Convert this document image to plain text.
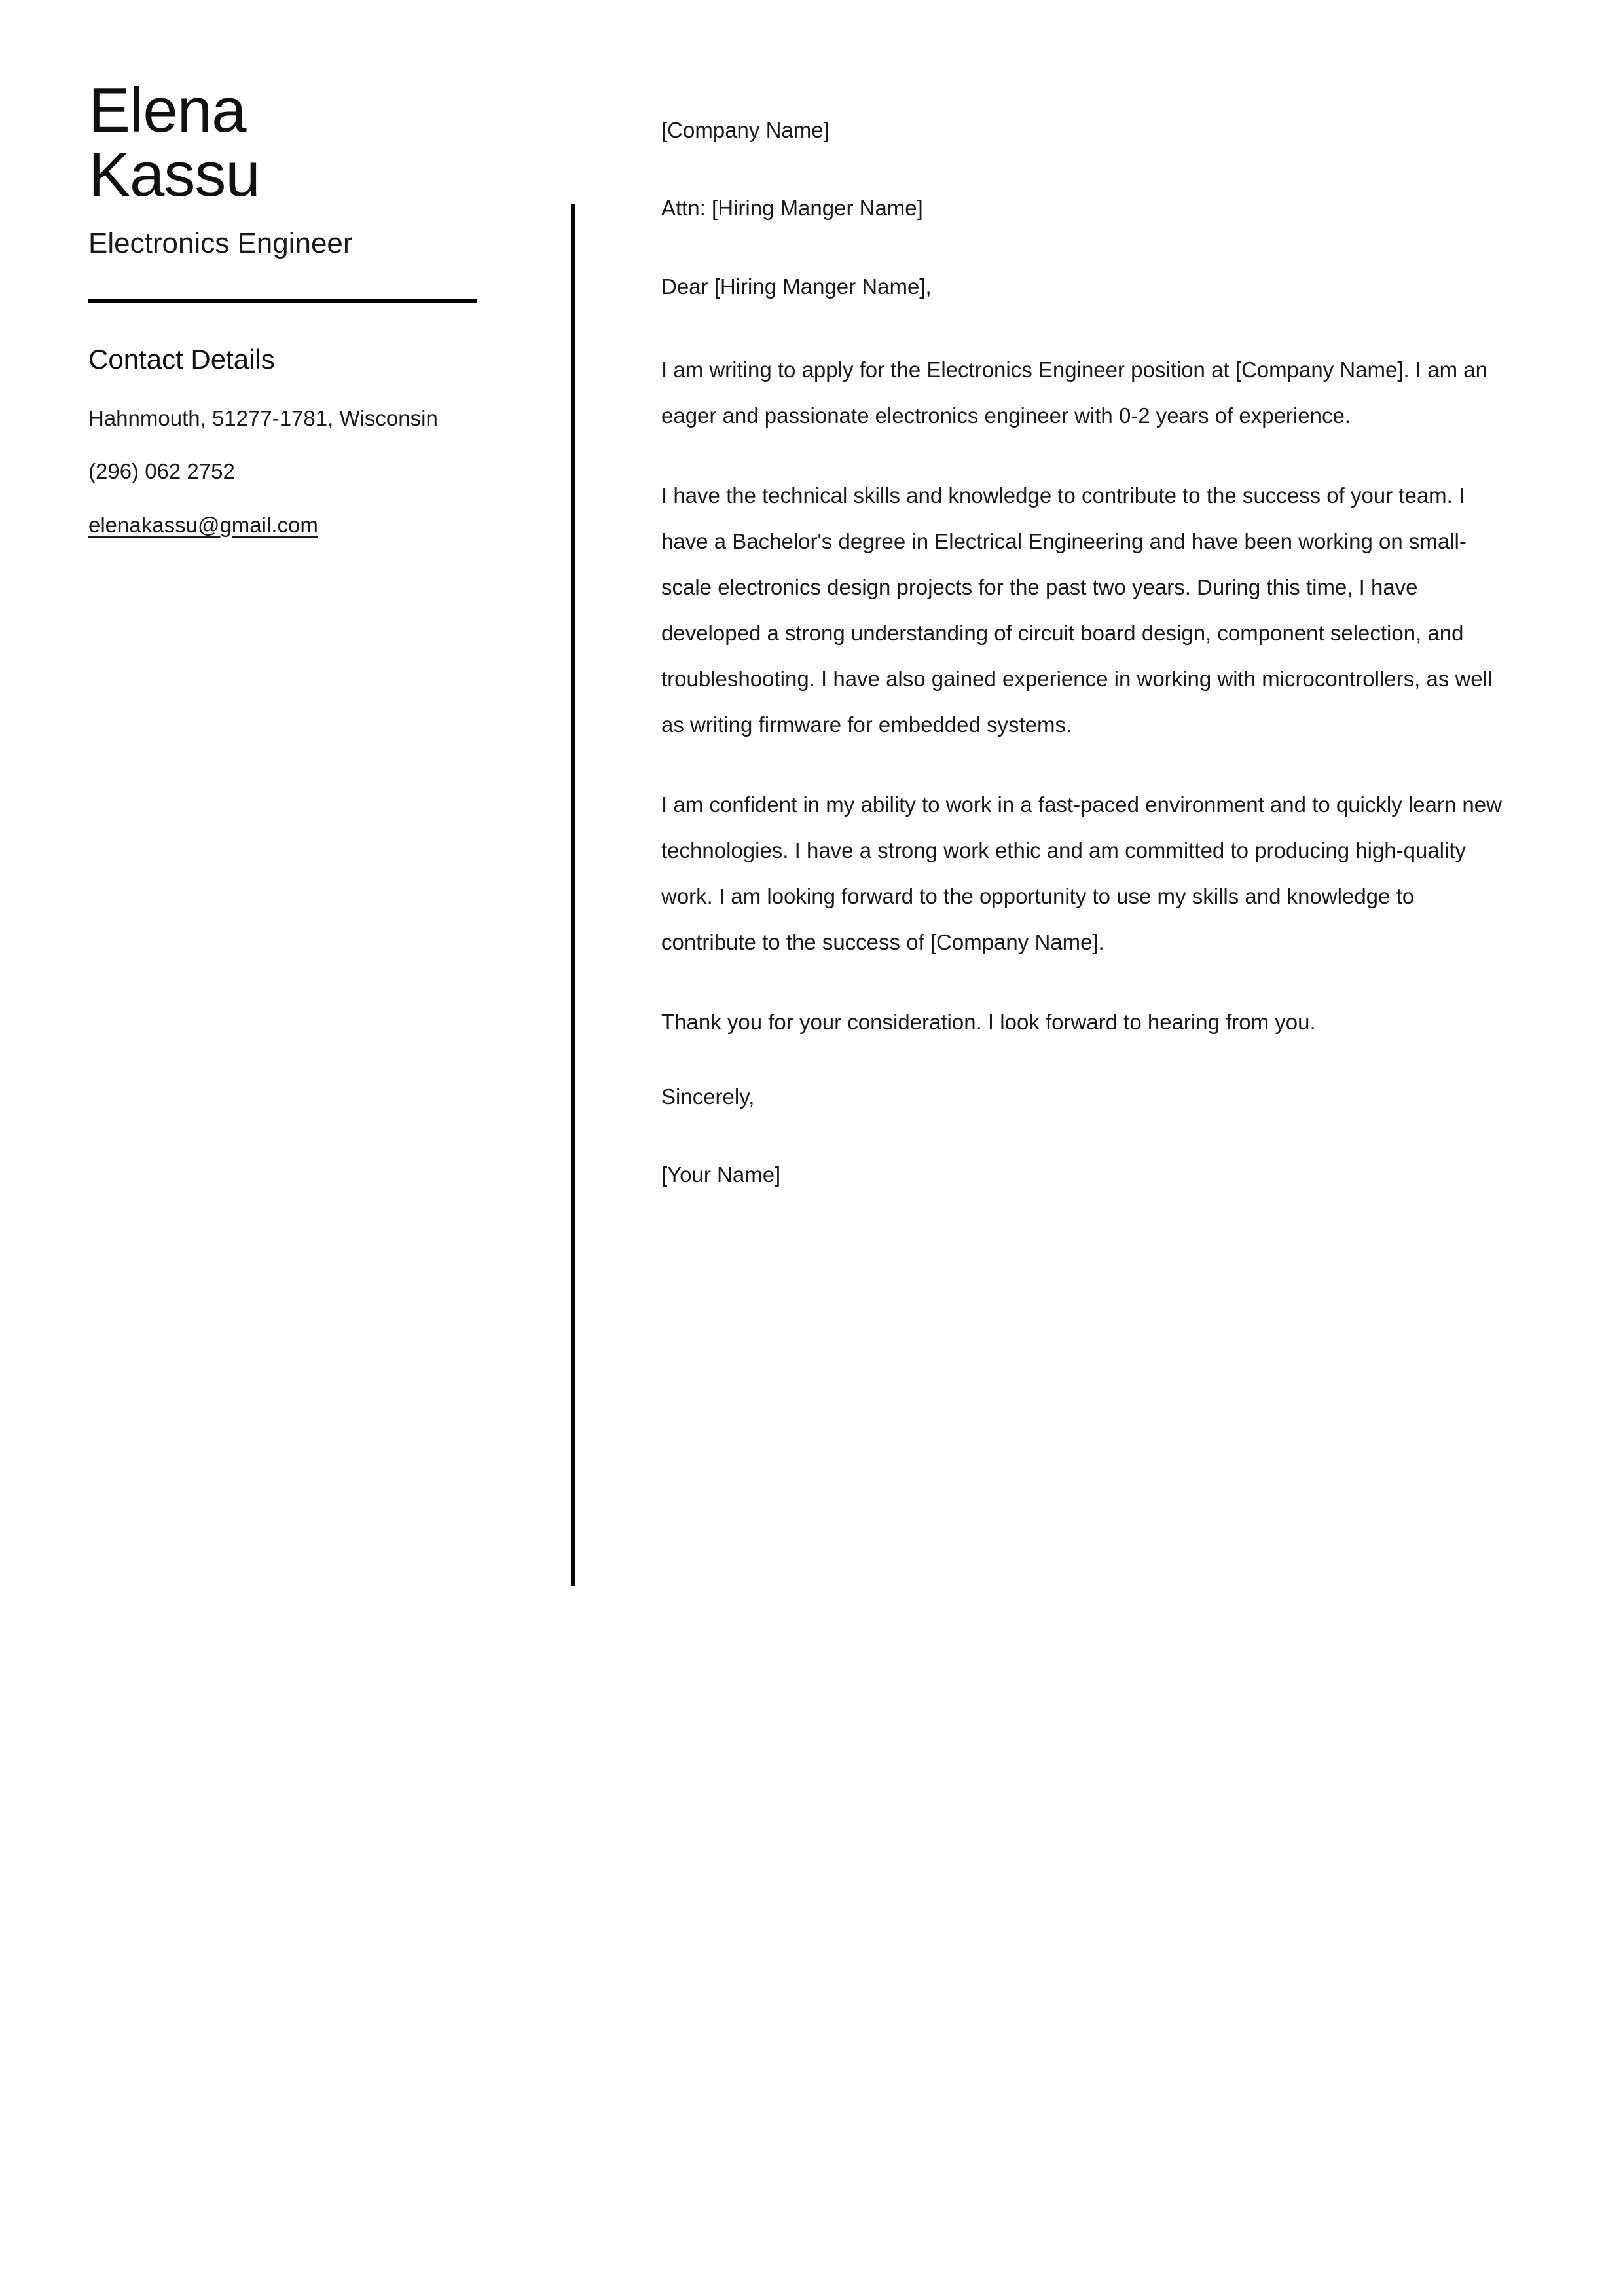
Elena
Kassu
Electronics Engineer
Contact Details
Hahnmouth, 51277-1781, Wisconsin
(296) 062 2752
elenakassu@gmail.com

[Company Name]

Attn: [Hiring Manger Name]

Dear [Hiring Manger Name],

I am writing to apply for the Electronics Engineer position at [Company Name]. I am an eager and passionate electronics engineer with 0-2 years of experience.

I have the technical skills and knowledge to contribute to the success of your team. I have a Bachelor's degree in Electrical Engineering and have been working on small-scale electronics design projects for the past two years. During this time, I have developed a strong understanding of circuit board design, component selection, and troubleshooting. I have also gained experience in working with microcontrollers, as well as writing firmware for embedded systems.

I am confident in my ability to work in a fast-paced environment and to quickly learn new technologies. I have a strong work ethic and am committed to producing high-quality work. I am looking forward to the opportunity to use my skills and knowledge to contribute to the success of [Company Name].

Thank you for your consideration. I look forward to hearing from you.

Sincerely,

[Your Name]
